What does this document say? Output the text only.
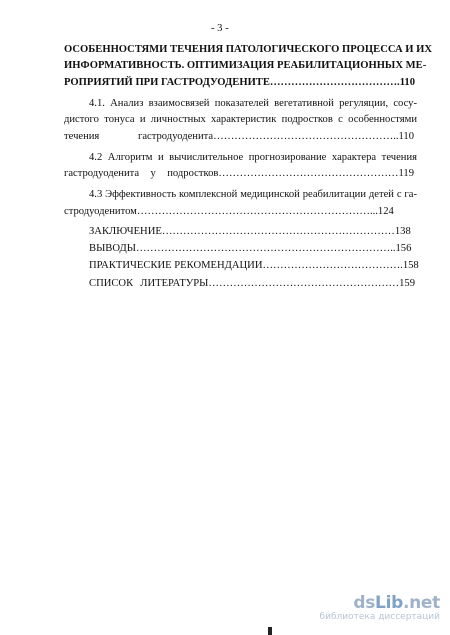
- 3 -
ОСОБЕННОСТЯМИ ТЕЧЕНИЯ ПАТОЛОГИЧЕСКОГО ПРОЦЕССА И ИХ
ИНФОРМАТИВНОСТЬ. ОПТИМИЗАЦИЯ РЕАБИЛИТАЦИОННЫХ МЕ-
РОПРИЯТИЙ ПРИ ГАСТРОДУОДЕНИТЕ……………………………….110
4.1. Анализ взаимосвязей показателей вегетативной регуляции, сосу-
дистого тонуса и личностных характеристик подростков с особенностями
течения гастродуоденита……………………………………………..110
4.2 Алгоритм и вычислительное прогнозирование характера течения
гастродуоденита у подростков……………………………………………119
4.3 Эффективность комплексной медицинской реабилитации детей с га-
стродуоденитом…………………………………………………………...124
ЗАКЛЮЧЕНИЕ…………………………………………………………138
ВЫВОДЫ………………………………………………………………..156
ПРАКТИЧЕСКИЕ РЕКОМЕНДАЦИИ………………………………….158
СПИСОК ЛИТЕРАТУРЫ………………………………………………159
dsLib.net
библиотека диссертаций
